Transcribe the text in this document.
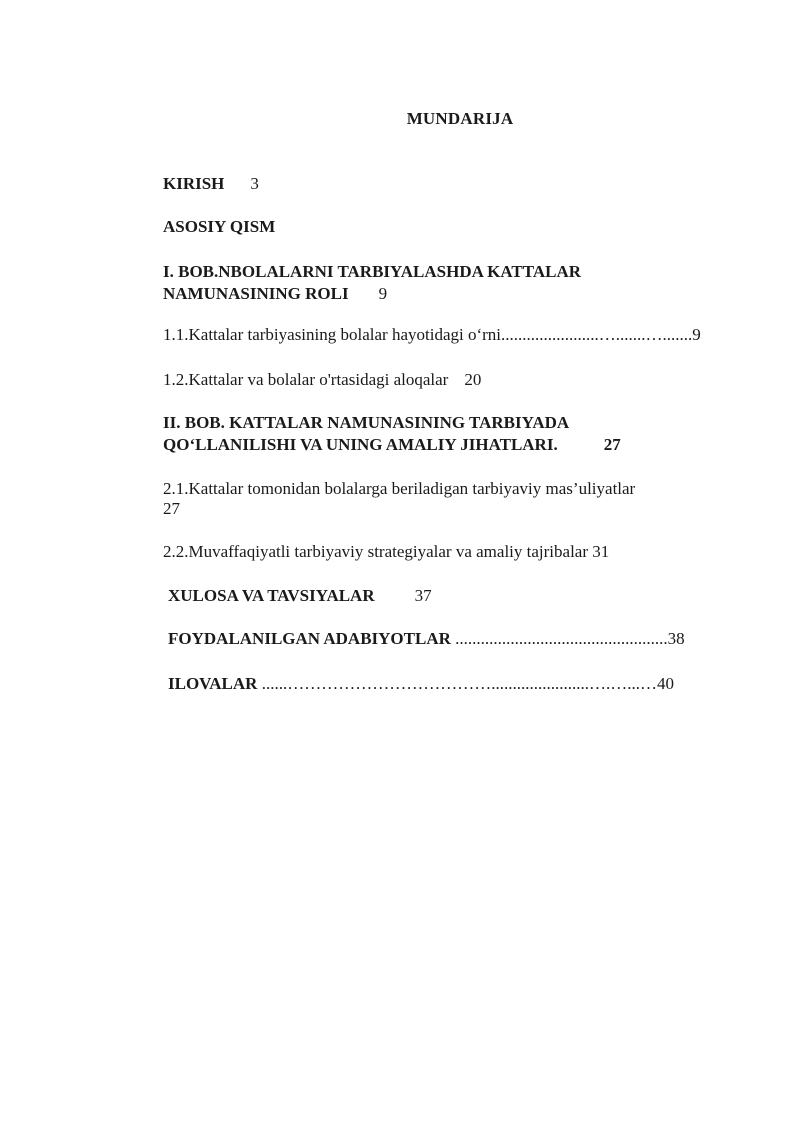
MUNDARIJA
KIRISH 3
ASOSIY QISM
I. BOB.NBOLALARNI TARBIYALASHDA KATTALAR
NAMUNASINING ROLI 9
1.1.Kattalar tarbiyasining bolalar hayotidagi o‘rni.......................….......….......9
1.2.Kattalar va bolalar o'rtasidagi aloqalar 20
II. BOB. KATTALAR NAMUNASINING TARBIYADA
QO‘LLANILISHI VA UNING AMALIY JIHATLARI.	27
2.1.Kattalar tomonidan bolalarga beriladigan tarbiyaviy mas’uliyatlar
27
2.2.Muvaffaqiyatli tarbiyaviy strategiyalar va amaliy tajribalar 31
XULOSA VA TAVSIYALAR 37
FOYDALANILGAN ADABIYOTLAR ..................................................38
ILOVALAR ......……………………………….......................….…...…40
